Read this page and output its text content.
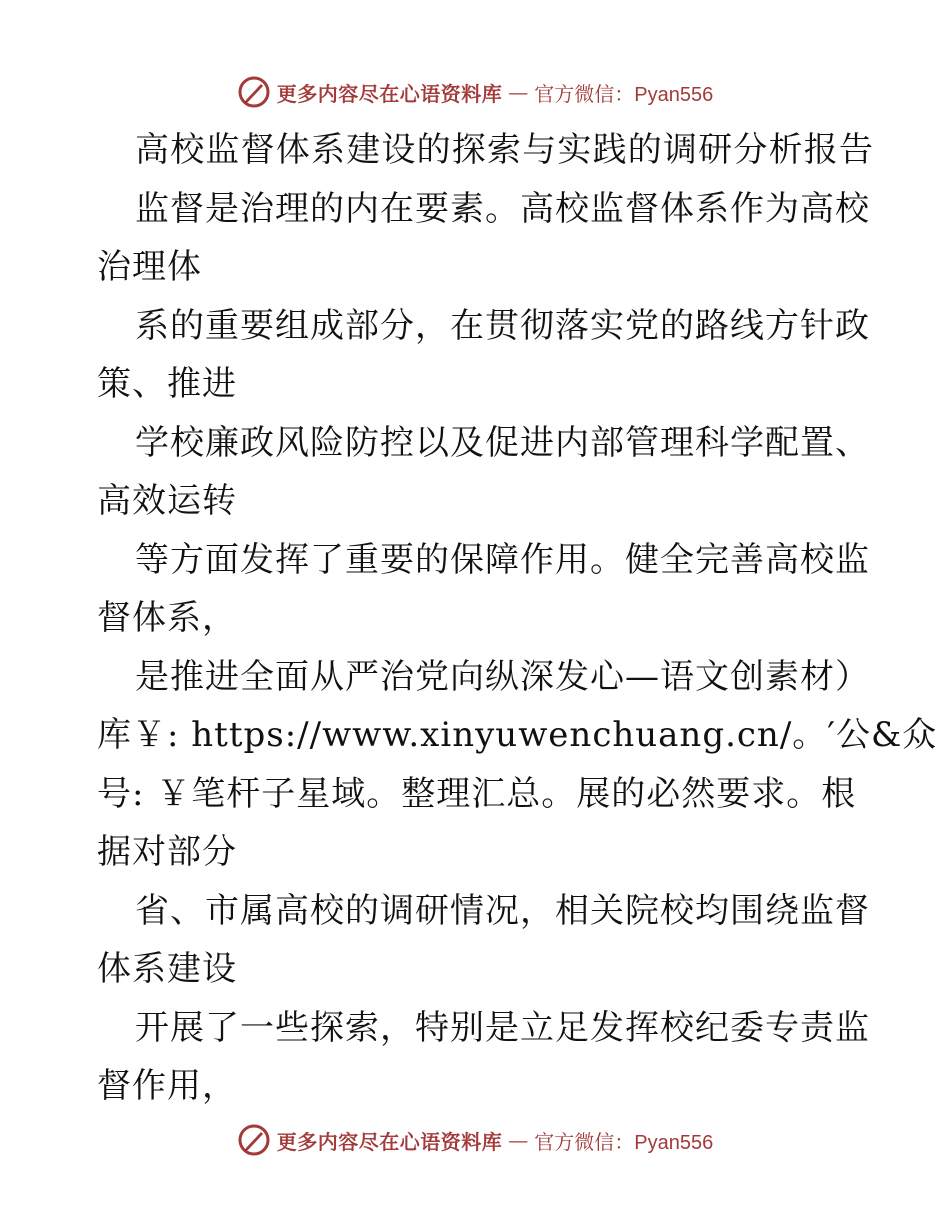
更多内容尽在心语资料库 — 官方微信：Pyan556
高校监督体系建设的探索与实践的调研分析报告
监督是治理的内在要素。高校监督体系作为高校
治理体
系的重要组成部分，在贯彻落实党的路线方针政
策、推进
学校廉政风险防控以及促进内部管理科学配置、
高效运转
等方面发挥了重要的保障作用。健全完善高校监
督体系，
是推进全面从严治党向纵深发心—语文创素材）
库￥: https://www.xinyuwenchuang.cn/。′公&众
号: ￥笔杆子星域。整理汇总。展的必然要求。根
据对部分
省、市属高校的调研情况，相关院校均围绕监督
体系建设
开展了一些探索，特别是立足发挥校纪委专责监
督作用，
更多内容尽在心语资料库 — 官方微信：Pyan556
